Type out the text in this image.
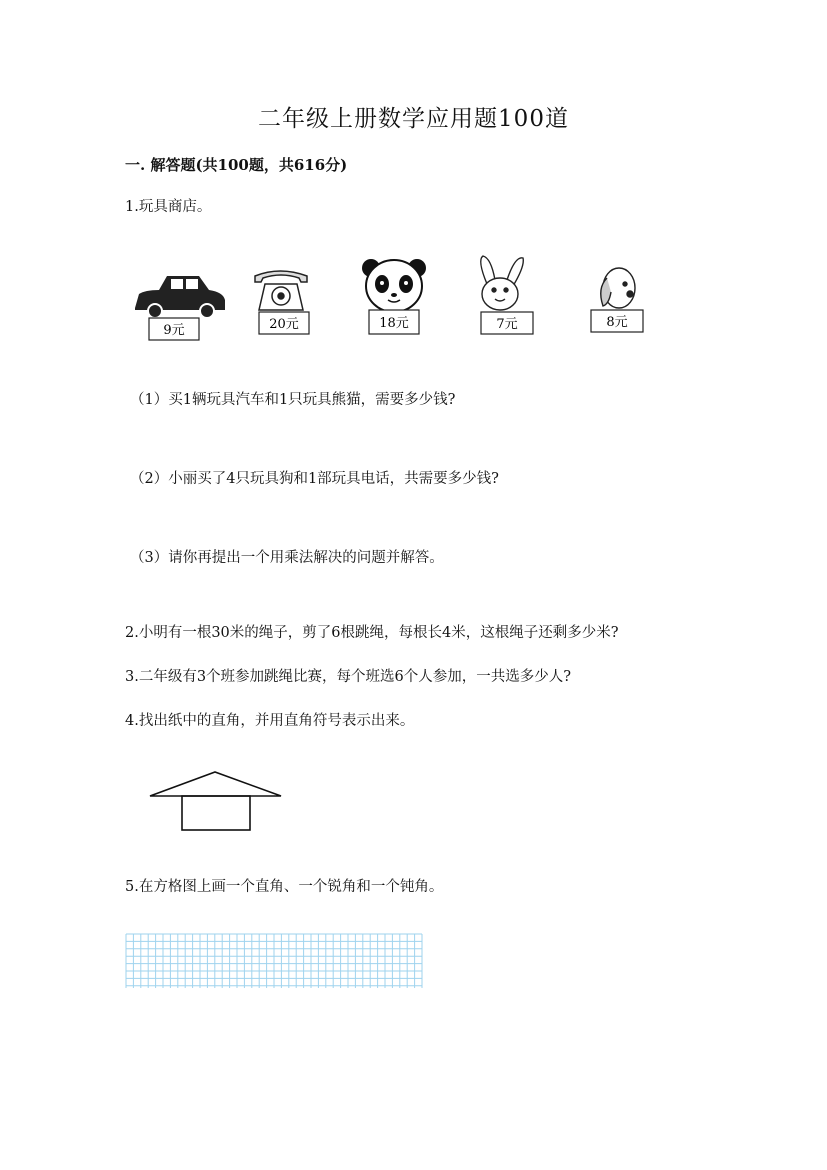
二年级上册数学应用题100道
一. 解答题(共100题，共616分)
1.玩具商店。
9元	20元	18元	7元	8元
（1）买1辆玩具汽车和1只玩具熊猫，需要多少钱?
（2）小丽买了4只玩具狗和1部玩具电话，共需要多少钱?
（3）请你再提出一个用乘法解决的问题并解答。
2.小明有一根30米的绳子，剪了6根跳绳，每根长4米，这根绳子还剩多少米?
3.二年级有3个班参加跳绳比赛，每个班选6个人参加，一共选多少人?
4.找出纸中的直角，并用直角符号表示出来。
5.在方格图上画一个直角、一个锐角和一个钝角。
